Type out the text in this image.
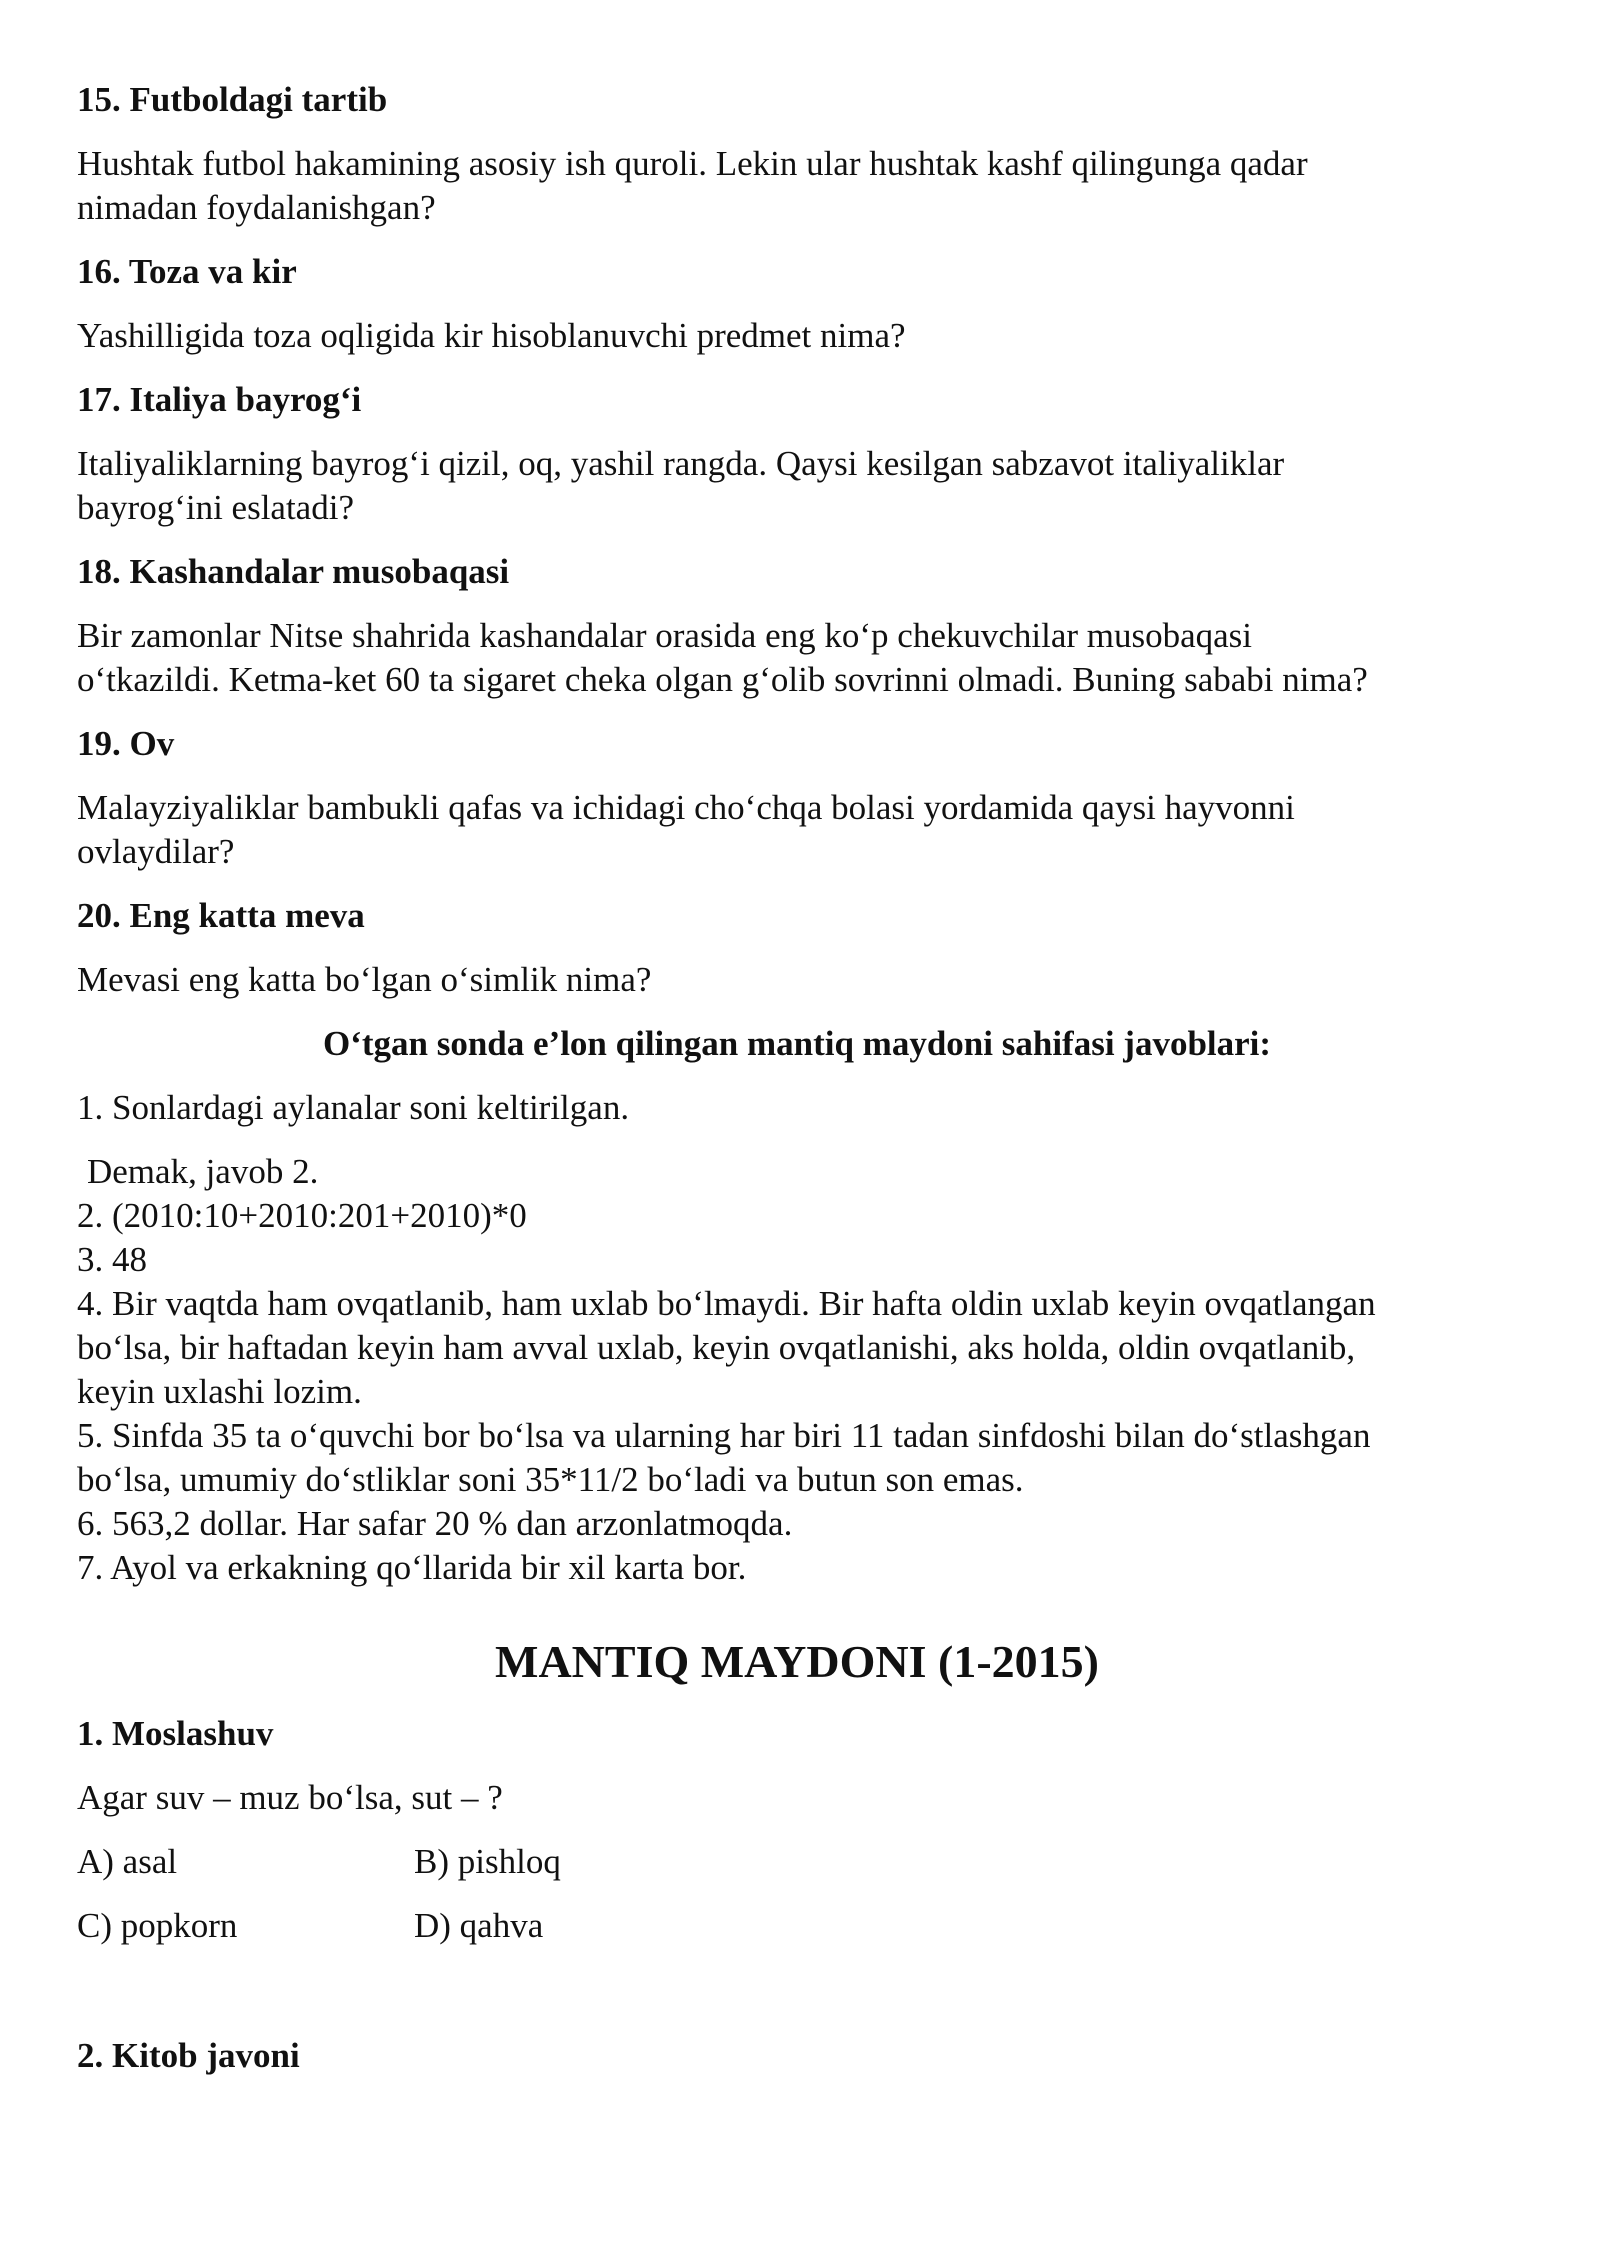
15. Futboldagi tartib

Hushtak futbol hakamining asosiy ish quroli. Lekin ular hushtak kashf qilingunga qadar
nimadan foydalanishgan?

16. Toza va kir

Yashilligida toza oqligida kir hisoblanuvchi predmet nima?

17. Italiya bayrog‘i

Italiyaliklarning bayrog‘i qizil, oq, yashil rangda. Qaysi kesilgan sabzavot italiyaliklar
bayrog‘ini eslatadi?

18. Kashandalar musobaqasi

Bir zamonlar Nitse shahrida kashandalar orasida eng ko‘p chekuvchilar musobaqasi
o‘tkazildi. Ketma-ket 60 ta sigaret cheka olgan g‘olib sovrinni olmadi. Buning sababi nima?

19. Ov

Malayziyaliklar bambukli qafas va ichidagi cho‘chqa bolasi yordamida qaysi hayvonni
ovlaydilar?

20. Eng katta meva

Mevasi eng katta bo‘lgan o‘simlik nima?

O‘tgan sonda e’lon qilingan mantiq maydoni sahifasi javoblari:

1. Sonlardagi aylanalar soni keltirilgan.
Demak, javob 2.
2. (2010:10+2010:201+2010)*0
3. 48
4. Bir vaqtda ham ovqatlanib, ham uxlab bo‘lmaydi. Bir hafta oldin uxlab keyin ovqatlangan
bo‘lsa, bir haftadan keyin ham avval uxlab, keyin ovqatlanishi, aks holda, oldin ovqatlanib,
keyin uxlashi lozim.
5. Sinfda 35 ta o‘quvchi bor bo‘lsa va ularning har biri 11 tadan sinfdoshi bilan do‘stlashgan
bo‘lsa, umumiy do‘stliklar soni 35*11/2 bo‘ladi va butun son emas.
6. 563,2 dollar. Har safar 20 % dan arzonlatmoqda.
7. Ayol va erkakning qo‘llarida bir xil karta bor.
MANTIQ MAYDONI (1-2015)

1. Moslashuv

Agar suv – muz bo‘lsa, sut – ?

A) asal	B) pishloq
C) popkorn	D) qahva

2. Kitob javoni
